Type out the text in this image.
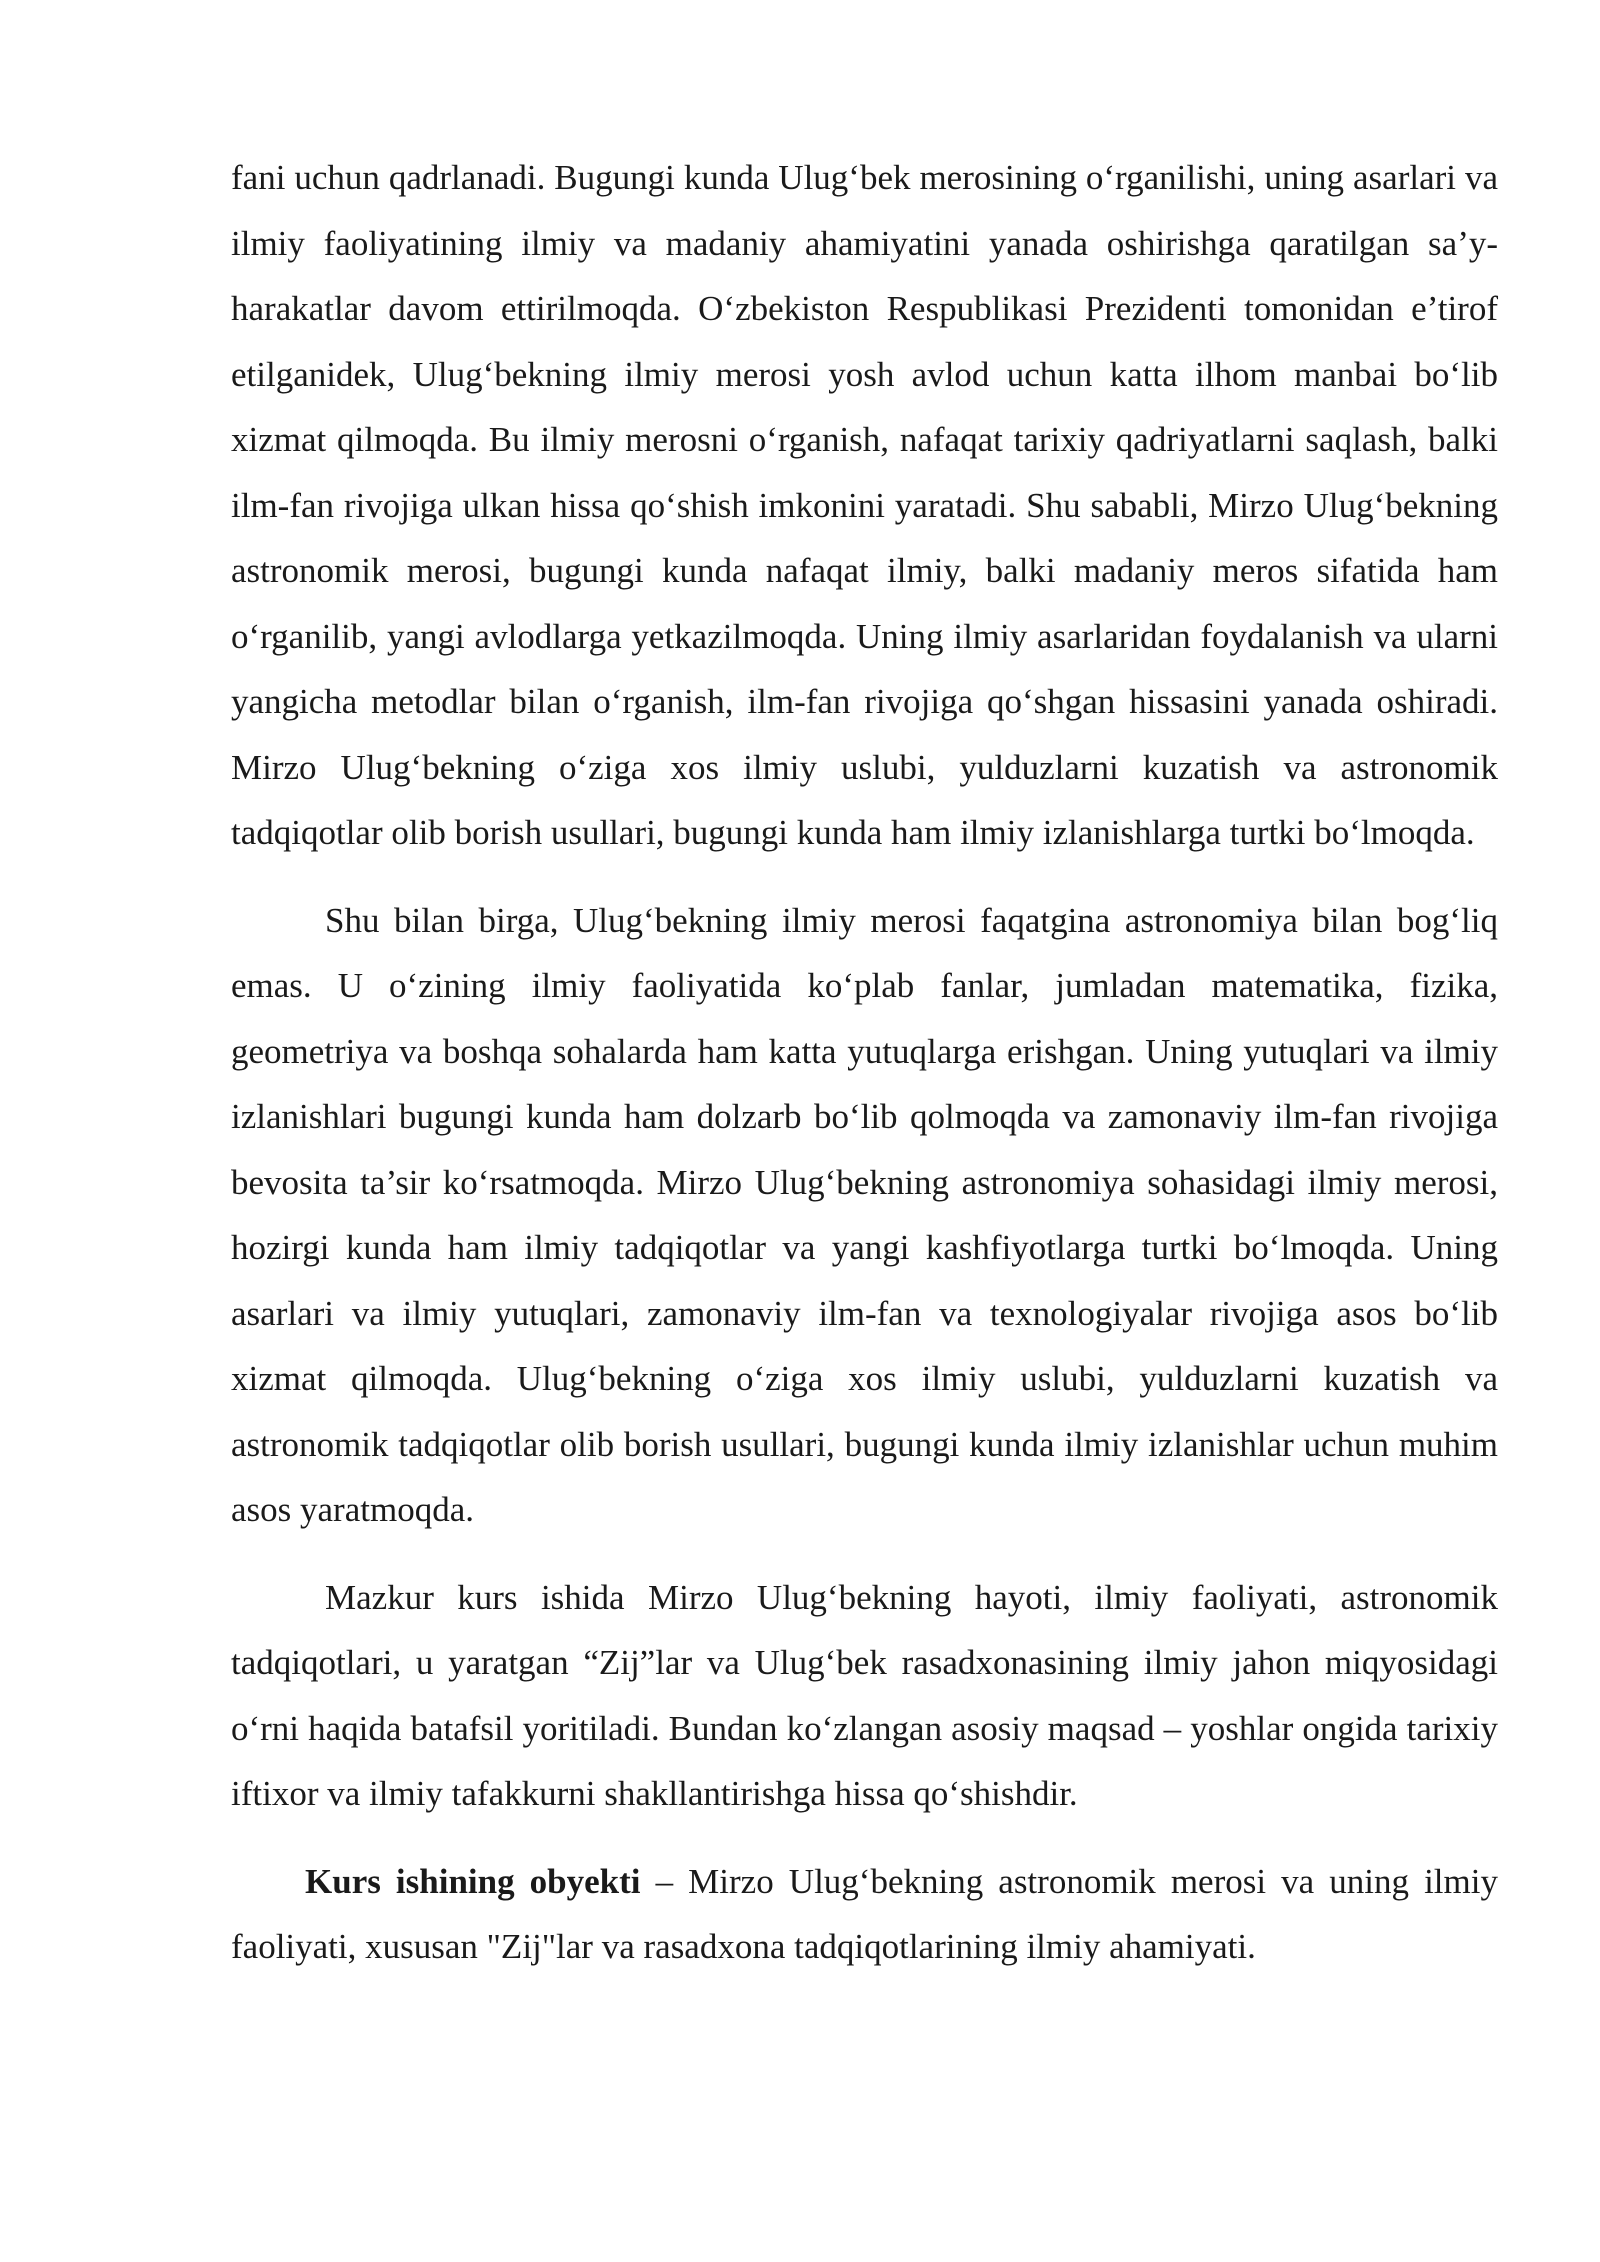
fani uchun qadrlanadi. Bugungi kunda Ulug‘bek merosining o‘rganilishi, uning asarlari va ilmiy faoliyatining ilmiy va madaniy ahamiyatini yanada oshirishga qaratilgan sa’y-harakatlar davom ettirilmoqda. O‘zbekiston Respublikasi Prezidenti tomonidan e’tirof etilganidek, Ulug‘bekning ilmiy merosi yosh avlod uchun katta ilhom manbai bo‘lib xizmat qilmoqda. Bu ilmiy merosni o‘rganish, nafaqat tarixiy qadriyatlarni saqlash, balki ilm-fan rivojiga ulkan hissa qo‘shish imkonini yaratadi. Shu sababli, Mirzo Ulug‘bekning astronomik merosi, bugungi kunda nafaqat ilmiy, balki madaniy meros sifatida ham o‘rganilib, yangi avlodlarga yetkazilmoqda. Uning ilmiy asarlaridan foydalanish va ularni yangicha metodlar bilan o‘rganish, ilm-fan rivojiga qo‘shgan hissasini yanada oshiradi. Mirzo Ulug‘bekning o‘ziga xos ilmiy uslubi, yulduzlarni kuzatish va astronomik tadqiqotlar olib borish usullari, bugungi kunda ham ilmiy izlanishlarga turtki bo‘lmoqda.

Shu bilan birga, Ulug‘bekning ilmiy merosi faqatgina astronomiya bilan bog‘liq emas. U o‘zining ilmiy faoliyatida ko‘plab fanlar, jumladan matematika, fizika, geometriya va boshqa sohalarda ham katta yutuqlarga erishgan. Uning yutuqlari va ilmiy izlanishlari bugungi kunda ham dolzarb bo‘lib qolmoqda va zamonaviy ilm-fan rivojiga bevosita ta’sir ko‘rsatmoqda. Mirzo Ulug‘bekning astronomiya sohasidagi ilmiy merosi, hozirgi kunda ham ilmiy tadqiqotlar va yangi kashfiyotlarga turtki bo‘lmoqda. Uning asarlari va ilmiy yutuqlari, zamonaviy ilm-fan va texnologiyalar rivojiga asos bo‘lib xizmat qilmoqda. Ulug‘bekning o‘ziga xos ilmiy uslubi, yulduzlarni kuzatish va astronomik tadqiqotlar olib borish usullari, bugungi kunda ilmiy izlanishlar uchun muhim asos yaratmoqda.

Mazkur kurs ishida Mirzo Ulug‘bekning hayoti, ilmiy faoliyati, astronomik tadqiqotlari, u yaratgan “Zij”lar va Ulug‘bek rasadxonasining ilmiy jahon miqyosidagi o‘rni haqida batafsil yoritiladi. Bundan ko‘zlangan asosiy maqsad – yoshlar ongida tarixiy iftixor va ilmiy tafakkurni shakllantirishga hissa qo‘shishdir.

Kurs ishining obyekti – Mirzo Ulug‘bekning astronomik merosi va uning ilmiy faoliyati, xususan "Zij"lar va rasadxona tadqiqotlarining ilmiy ahamiyati.
